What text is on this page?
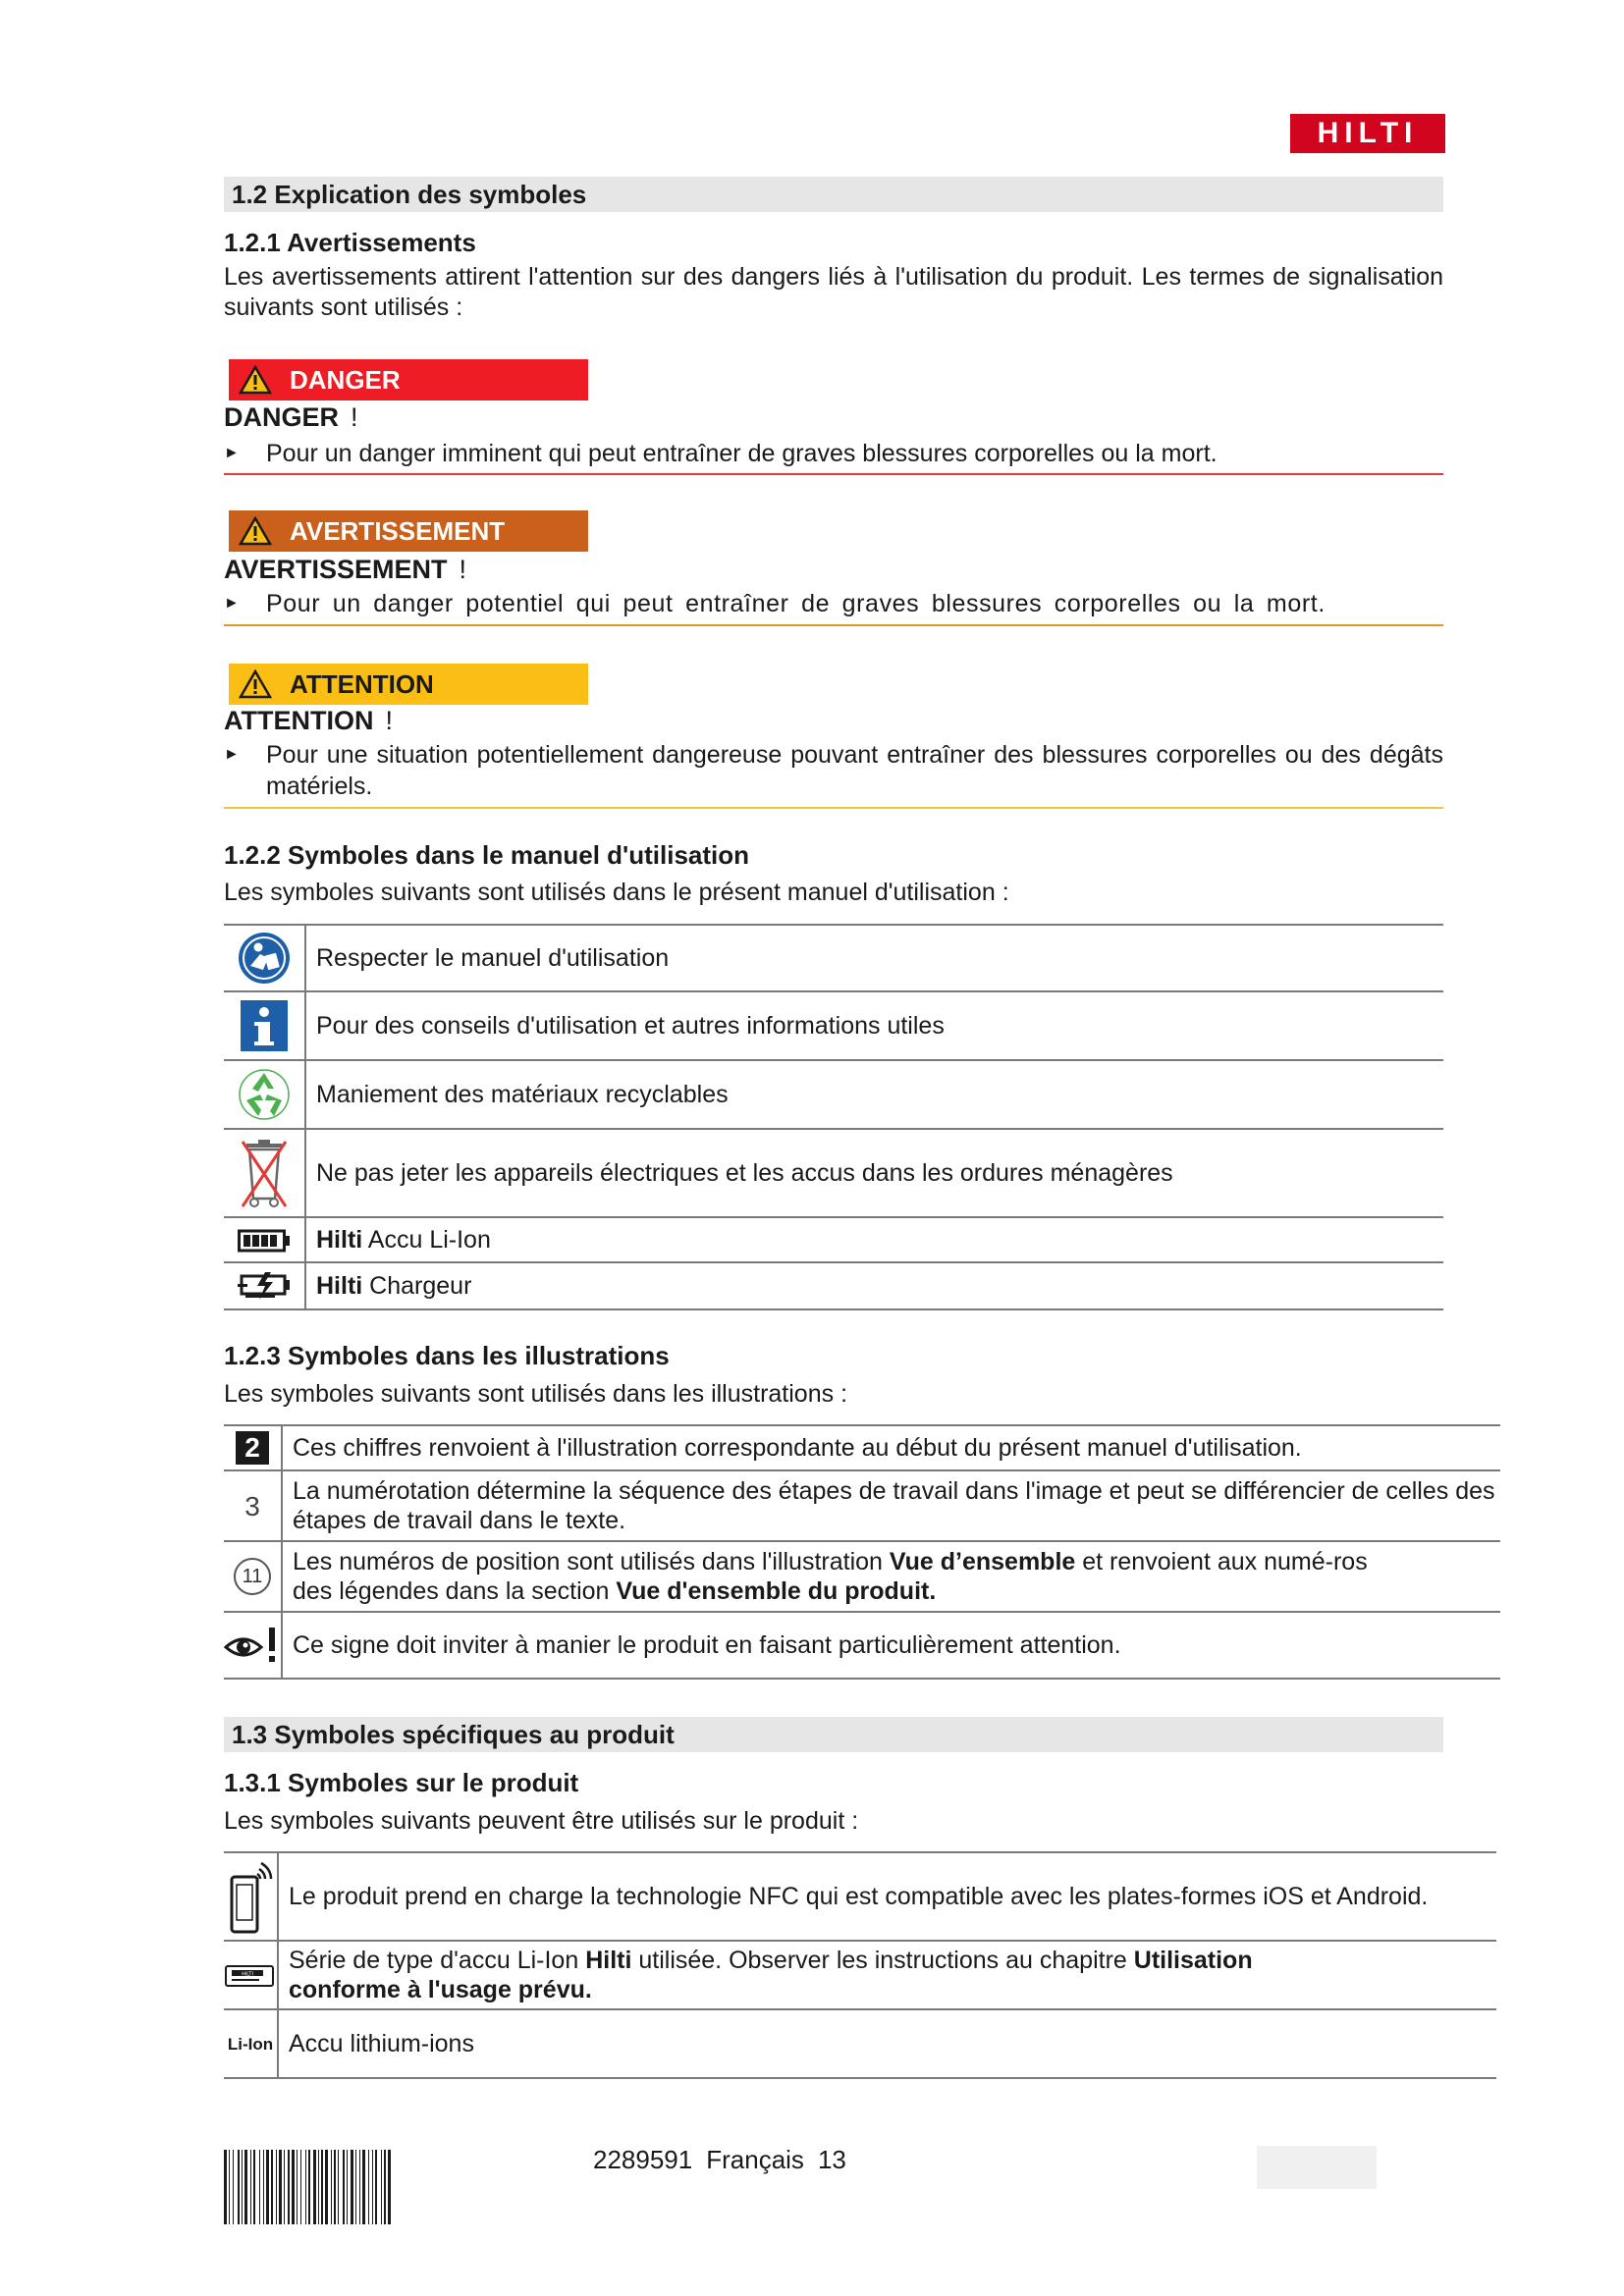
HILTI
1.2 Explication des symboles
1.2.1 Avertissements
Les avertissements attirent l'attention sur des dangers liés à l'utilisation du produit. Les termes de signalisation suivants sont utilisés :
DANGER
DANGER !
► Pour un danger imminent qui peut entraîner de graves blessures corporelles ou la mort.
AVERTISSEMENT
AVERTISSEMENT !
► Pour un danger potentiel qui peut entraîner de graves blessures corporelles ou la mort.
ATTENTION
ATTENTION !
► Pour une situation potentiellement dangereuse pouvant entraîner des blessures corporelles ou des dégâts matériels.
1.2.2 Symboles dans le manuel d'utilisation
Les symboles suivants sont utilisés dans le présent manuel d'utilisation :
	Respecter le manuel d'utilisation
	Pour des conseils d'utilisation et autres informations utiles
	Maniement des matériaux recyclables
	Ne pas jeter les appareils électriques et les accus dans les ordures ménagères
	Hilti Accu Li-Ion
	Hilti Chargeur
1.2.3 Symboles dans les illustrations
Les symboles suivants sont utilisés dans les illustrations :
2	Ces chiffres renvoient à l'illustration correspondante au début du présent manuel d'utilisation.
3	La numérotation détermine la séquence des étapes de travail dans l'image et peut se différencier de celles des étapes de travail dans le texte.

11	Les numéros de position sont utilisés dans l'illustration Vue d’ensemble et renvoient aux numé-ros des légendes dans la section Vue d'ensemble du produit.

	Ce signe doit inviter à manier le produit en faisant particulièrement attention.
1.3 Symboles spécifiques au produit
1.3.1 Symboles sur le produit
Les symboles suivants peuvent être utilisés sur le produit :

Le produit prend en charge la technologie NFC qui est compatible avec les plates-formes iOS et Android.

HILTI	Série de type d'accu Li-Ion Hilti utilisée. Observer les instructions au chapitre Utilisation conforme à l'usage prévu.

Li-Ion	Accu lithium-ions
2289591 Français 13
